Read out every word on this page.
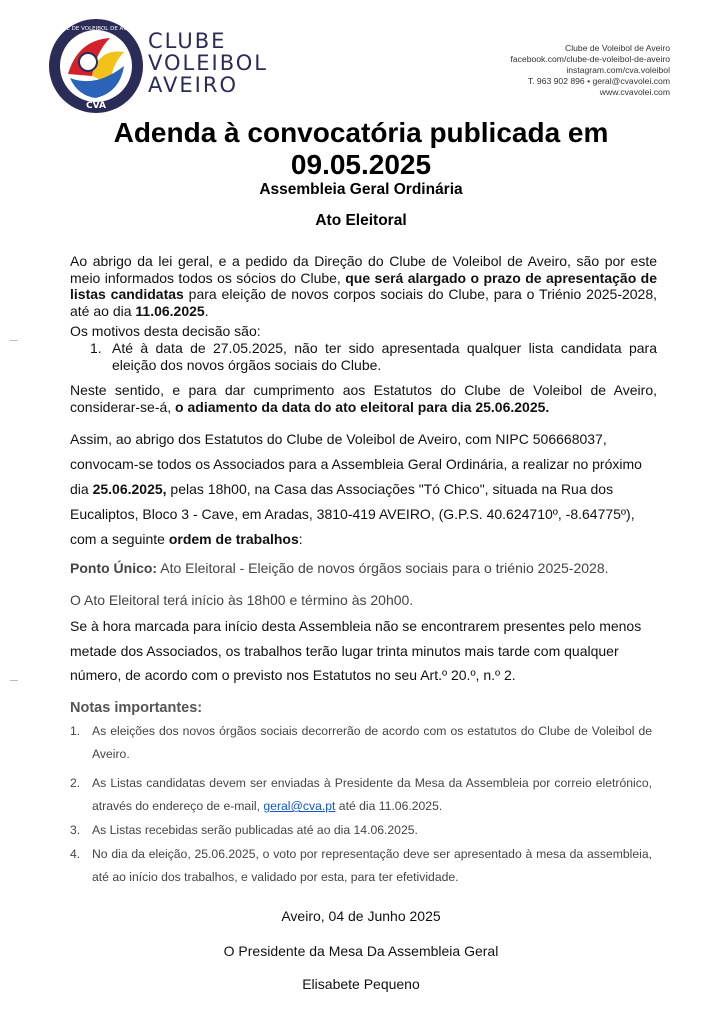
CVA
CLUBE DE VOLEIBOL DE AVEIRO CLUBE
VOLEIBOL
AVEIRO
Clube de Voleibol de Aveiro
facebook.com/clube-de-voleibol-de-aveiro
instagram.com/cva.voleibol
T. 963 902 896 • geral@cvavolei.com
www.cvavolei.com
Adenda à convocatória publicada em
09.05.2025
Assembleia Geral Ordinária
Ato Eleitoral
Ao abrigo da lei geral, e a pedido da Direção do Clube de Voleibol de Aveiro, são por este meio informados todos os sócios do Clube, que será alargado o prazo de apresentação de listas candidatas para eleição de novos corpos sociais do Clube, para o Triénio 2025-2028, até ao dia 11.06.2025.
Os motivos desta decisão são:
1. Até à data de 27.05.2025, não ter sido apresentada qualquer lista candidata para eleição dos novos órgãos sociais do Clube.
Neste sentido, e para dar cumprimento aos Estatutos do Clube de Voleibol de Aveiro, considerar-se-á, o adiamento da data do ato eleitoral para dia 25.06.2025.
Assim, ao abrigo dos Estatutos do Clube de Voleibol de Aveiro, com NIPC 506668037,
convocam-se todos os Associados para a Assembleia Geral Ordinária, a realizar no próximo
dia 25.06.2025, pelas 18h00, na Casa das Associações "Tó Chico", situada na Rua dos
Eucaliptos, Bloco 3 - Cave, em Aradas, 3810-419 AVEIRO, (G.P.S. 40.624710º, -8.64775º),
com a seguinte ordem de trabalhos:
Ponto Único: Ato Eleitoral - Eleição de novos órgãos sociais para o triénio 2025-2028.
O Ato Eleitoral terá início às 18h00 e término às 20h00.
Se à hora marcada para início desta Assembleia não se encontrarem presentes pelo menos
metade dos Associados, os trabalhos terão lugar trinta minutos mais tarde com qualquer
número, de acordo com o previsto nos Estatutos no seu Art.º 20.º, n.º 2.
Notas importantes:
1. As eleições dos novos órgãos sociais decorrerão de acordo com os estatutos do Clube de Voleibol de Aveiro.
2. As Listas candidatas devem ser enviadas à Presidente da Mesa da Assembleia por correio eletrónico, através do endereço de e-mail, geral@cva.pt até dia 11.06.2025.
3. As Listas recebidas serão publicadas até ao dia 14.06.2025.
4. No dia da eleição, 25.06.2025, o voto por representação deve ser apresentado à mesa da assembleia, até ao início dos trabalhos, e validado por esta, para ter efetividade.
Aveiro, 04 de Junho 2025
O Presidente da Mesa Da Assembleia Geral
Elisabete Pequeno
